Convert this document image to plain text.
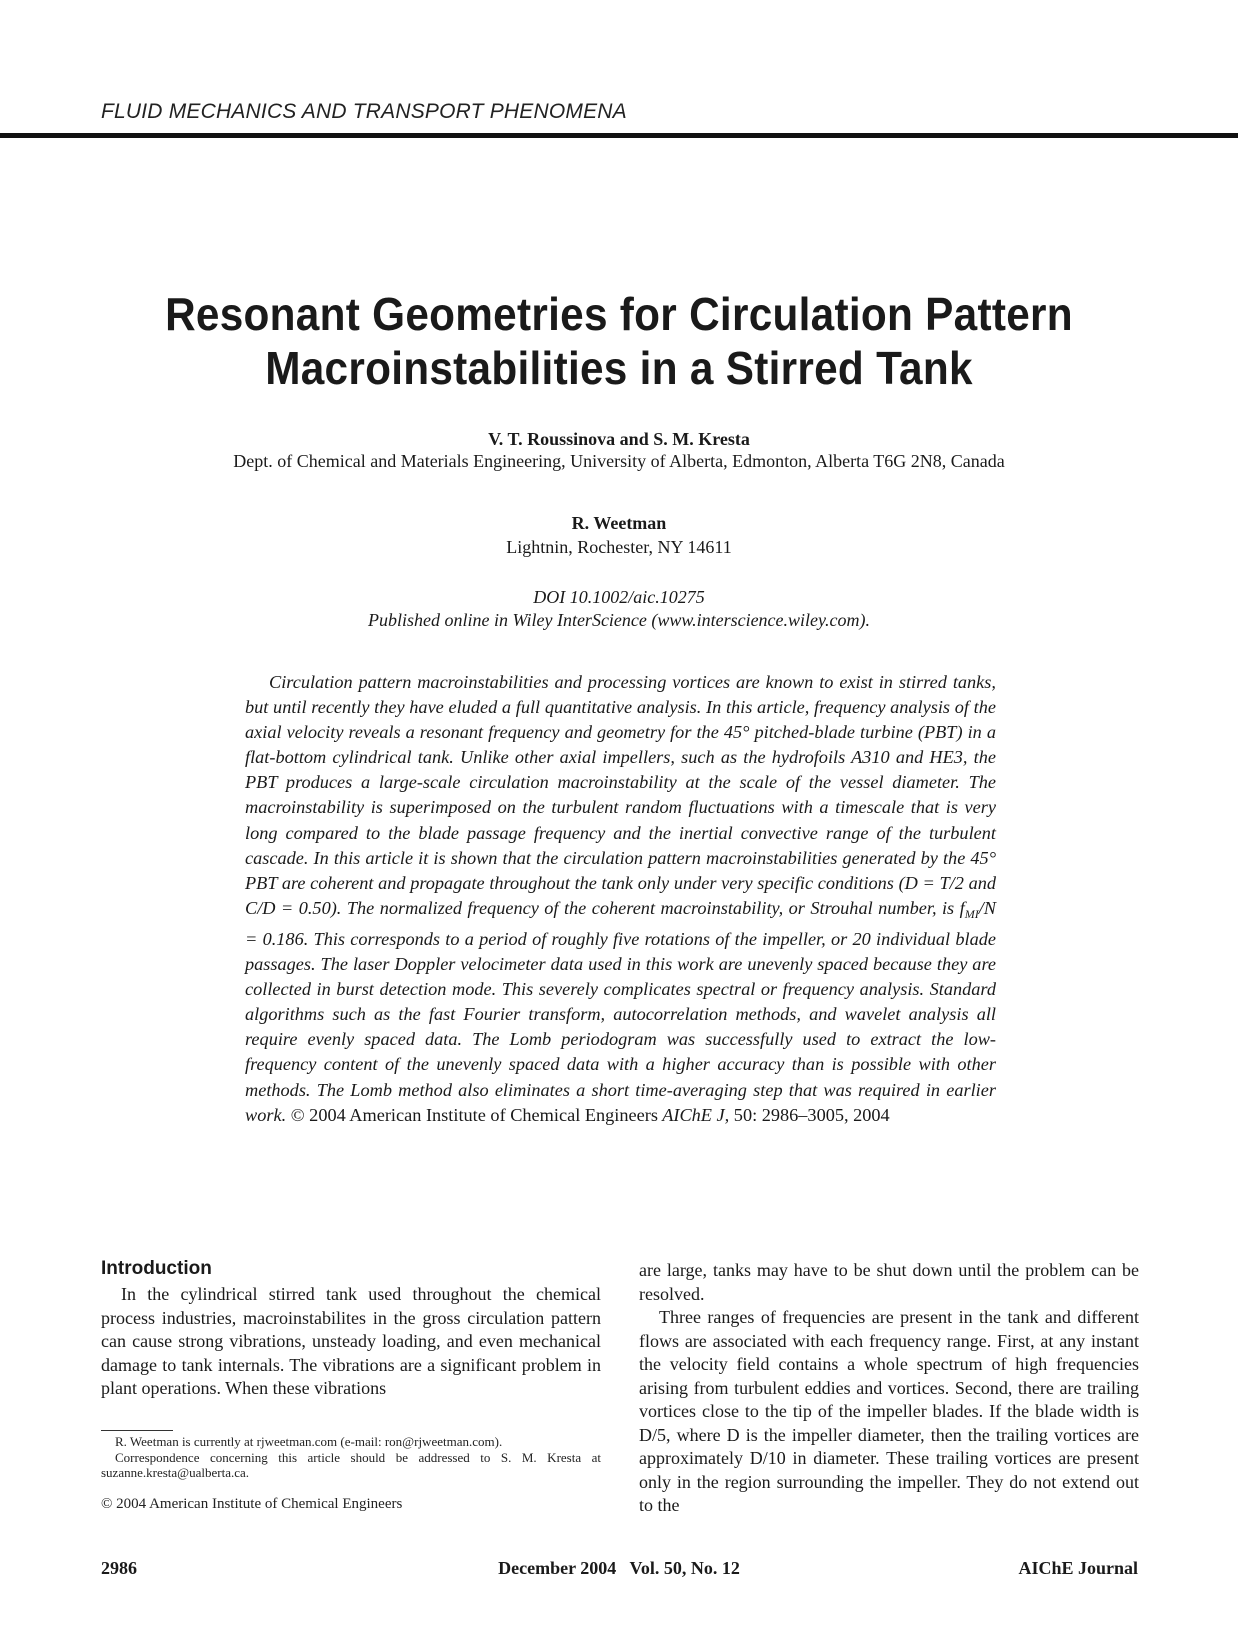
FLUID MECHANICS AND TRANSPORT PHENOMENA
Resonant Geometries for Circulation Pattern
Macroinstabilities in a Stirred Tank
V. T. Roussinova and S. M. Kresta
Dept. of Chemical and Materials Engineering, University of Alberta, Edmonton, Alberta T6G 2N8, Canada
R. Weetman
Lightnin, Rochester, NY 14611
DOI 10.1002/aic.10275
Published online in Wiley InterScience (www.interscience.wiley.com).

Circulation pattern macroinstabilities and processing vortices are known to exist in stirred tanks, but until recently they have eluded a full quantitative analysis. In this article, frequency analysis of the axial velocity reveals a resonant frequency and geometry for the 45° pitched-blade turbine (PBT) in a flat-bottom cylindrical tank. Unlike other axial impellers, such as the hydrofoils A310 and HE3, the PBT produces a large-scale circulation macroinstability at the scale of the vessel diameter. The macroinstability is superimposed on the turbulent random fluctuations with a timescale that is very long compared to the blade passage frequency and the inertial convective range of the turbulent cascade. In this article it is shown that the circulation pattern macroinstabilities generated by the 45° PBT are coherent and propagate throughout the tank only under very specific conditions (D = T/2 and C/D = 0.50). The normalized frequency of the coherent macroinstability, or Strouhal number, is $f_{MI}/N = 0.186$. This corresponds to a period of roughly five rotations of the impeller, or 20 individual blade passages. The laser Doppler velocimeter data used in this work are unevenly spaced because they are collected in burst detection mode. This severely complicates spectral or frequency analysis. Standard algorithms such as the fast Fourier transform, autocorrelation methods, and wavelet analysis all require evenly spaced data. The Lomb periodogram was successfully used to extract the low-frequency content of the unevenly spaced data with a higher accuracy than is possible with other methods. The Lomb method also eliminates a short time-averaging step that was required in earlier work. © 2004 American Institute of Chemical Engineers AIChE J, 50: 2986–3005, 2004

Introduction

In the cylindrical stirred tank used throughout the chemical process industries, macroinstabilites in the gross circulation pattern can cause strong vibrations, unsteady loading, and even mechanical damage to tank internals. The vibrations are a significant problem in plant operations. When these vibrations

are large, tanks may have to be shut down until the problem can be resolved.

Three ranges of frequencies are present in the tank and different flows are associated with each frequency range. First, at any instant the velocity field contains a whole spectrum of high frequencies arising from turbulent eddies and vortices. Second, there are trailing vortices close to the tip of the impeller blades. If the blade width is D/5, where D is the impeller diameter, then the trailing vortices are approximately D/10 in diameter. These trailing vortices are present only in the region surrounding the impeller. They do not extend out to the

R. Weetman is currently at rjweetman.com (e-mail: ron@rjweetman.com).

Correspondence concerning this article should be addressed to S. M. Kresta at suzanne.kresta@ualberta.ca.

© 2004 American Institute of Chemical Engineers
2986	December 2004   Vol. 50, No. 12	AIChE Journal
